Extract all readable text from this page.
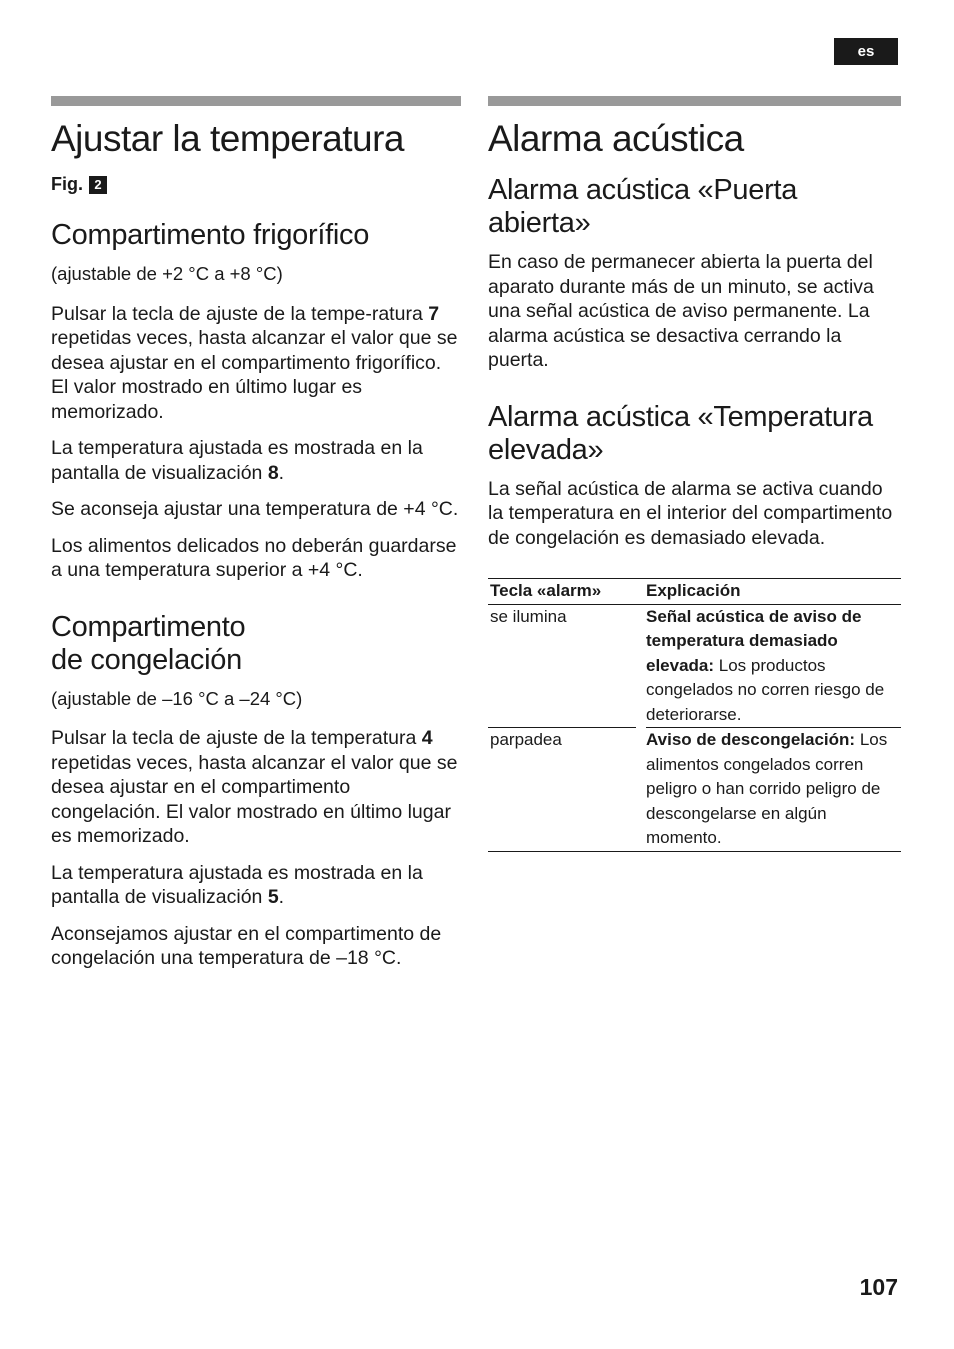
es
Ajustar la temperatura
Fig. 2
Compartimento frigorífico

(ajustable de +2 °C a +8 °C)

Pulsar la tecla de ajuste de la tempe-ratura 7 repetidas veces, hasta alcanzar el valor que se desea ajustar en el compartimento frigorífico. El valor mostrado en último lugar es memorizado.

La temperatura ajustada es mostrada en la pantalla de visualización 8.

Se aconseja ajustar una temperatura de +4 °C.

Los alimentos delicados no deberán guardarse a una temperatura superior a +4 °C.

Compartimento
de congelación

(ajustable de –16 °C a –24 °C)

Pulsar la tecla de ajuste de la temperatura 4 repetidas veces, hasta alcanzar el valor que se desea ajustar en el compartimento congelación. El valor mostrado en último lugar es memorizado.

La temperatura ajustada es mostrada en la pantalla de visualización 5.

Aconsejamos ajustar en el compartimento de congelación una temperatura de –18 °C.

Alarma acústica
Alarma acústica «Puerta abierta»

En caso de permanecer abierta la puerta del aparato durante más de un minuto, se activa una señal acústica de aviso permanente. La alarma acústica se desactiva cerrando la puerta.

Alarma acústica «Temperatura elevada»

La señal acústica de alarma se activa cuando la temperatura en el interior del compartimento de congelación es demasiado elevada.

Tecla «alarm»		Explicación
se ilumina		Señal acústica de aviso de temperatura demasiado elevada: Los productos congelados no corren riesgo de deteriorarse.
parpadea		Aviso de descongelación: Los alimentos congelados corren peligro o han corrido peligro de descongelarse en algún momento.
107
